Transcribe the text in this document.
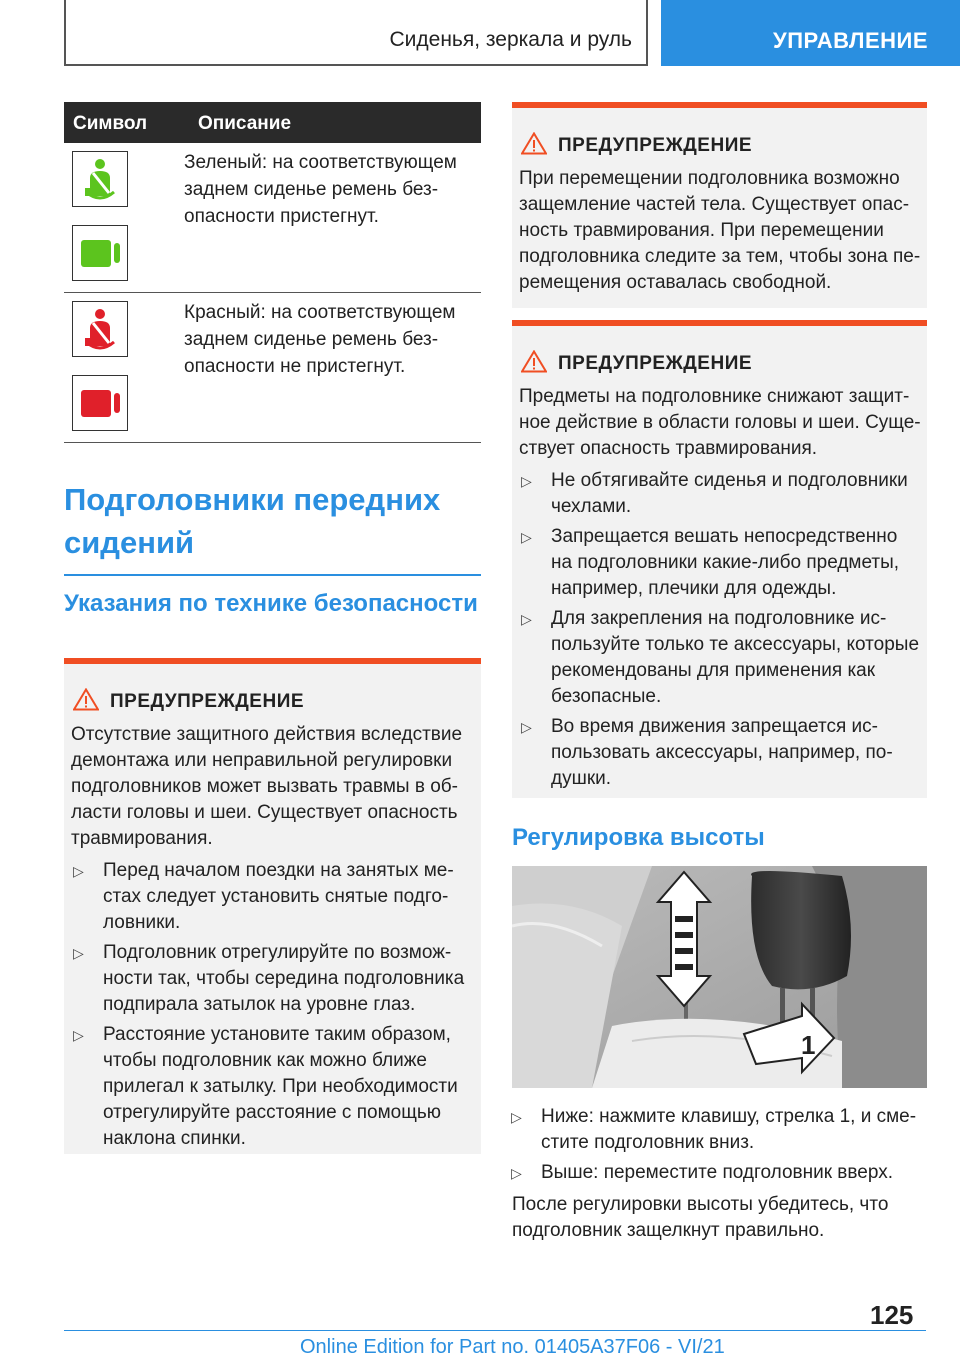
Сиденья, зеркала и руль	УПРАВЛЕНИЕ
Символ	Описание
Зеленый: на соответствующем заднем сиденье ремень безопасности пристегнут.
Красный: на соответствующем заднем сиденье ремень безопасности не пристегнут.
Подголовники передних сидений
Указания по технике безопасности
ПРЕДУПРЕЖДЕНИЕ
Отсутствие защитного действия вследствие демонтажа или неправильной регулировки подголовников может вызвать травмы в области головы и шеи. Существует опасность травмирования.
▷ Перед началом поездки на занятых местах следует установить снятые подголовники.
▷ Подголовник отрегулируйте по возможности так, чтобы середина подголовника подпирала затылок на уровне глаз.
▷ Расстояние установите таким образом, чтобы подголовник как можно ближе прилегал к затылку. При необходимости отрегулируйте расстояние с помощью наклона спинки.
ПРЕДУПРЕЖДЕНИЕ
При перемещении подголовника возможно защемление частей тела. Существует опасность травмирования. При перемещении подголовника следите за тем, чтобы зона перемещения оставалась свободной.
ПРЕДУПРЕЖДЕНИЕ
Предметы на подголовнике снижают защитное действие в области головы и шеи. Существует опасность травмирования.
▷ Не обтягивайте сиденья и подголовники чехлами.
▷ Запрещается вешать непосредственно на подголовники какие-либо предметы, например, плечики для одежды.
▷ Для закрепления на подголовнике используйте только те аксессуары, которые рекомендованы для применения как безопасные.
▷ Во время движения запрещается использовать аксессуары, например, подушки.
Регулировка высоты
1
▷ Ниже: нажмите клавишу, стрелка 1, и сместите подголовник вниз.
▷ Выше: переместите подголовник вверх.
После регулировки высоты убедитесь, что подголовник защелкнут правильно.
125
Online Edition for Part no. 01405A37F06 - VI/21
